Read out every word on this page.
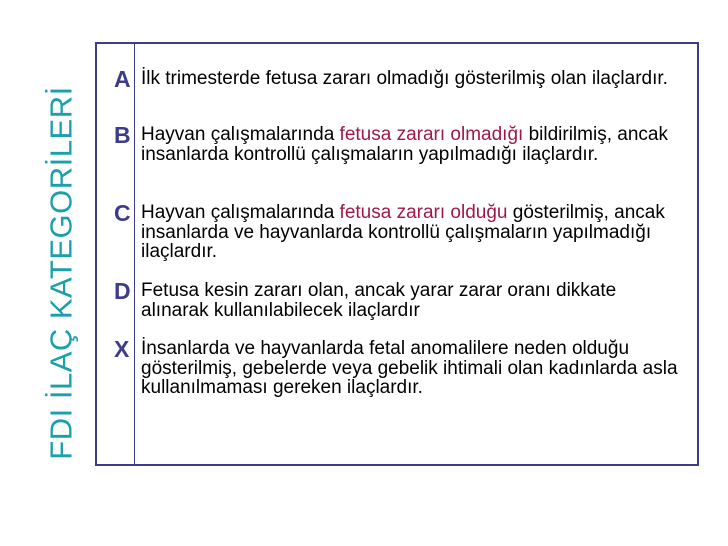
FDI İLAÇ KATEGORİLERİ
A İlk trimesterde fetusa zararı olmadığı gösterilmiş olan ilaçlardır.
B Hayvan çalışmalarında fetusa zararı olmadığı bildirilmiş, ancak insanlarda kontrollü çalışmaların yapılmadığı ilaçlardır.
C Hayvan çalışmalarında fetusa zararı olduğu gösterilmiş, ancak insanlarda ve hayvanlarda kontrollü çalışmaların yapılmadığı ilaçlardır.
D Fetusa kesin zararı olan, ancak yarar zarar oranı dikkate alınarak kullanılabilecek ilaçlardır
X İnsanlarda ve hayvanlarda fetal anomalilere neden olduğu gösterilmiş, gebelerde veya gebelik ihtimali olan kadınlarda asla kullanılmaması gereken ilaçlardır.
